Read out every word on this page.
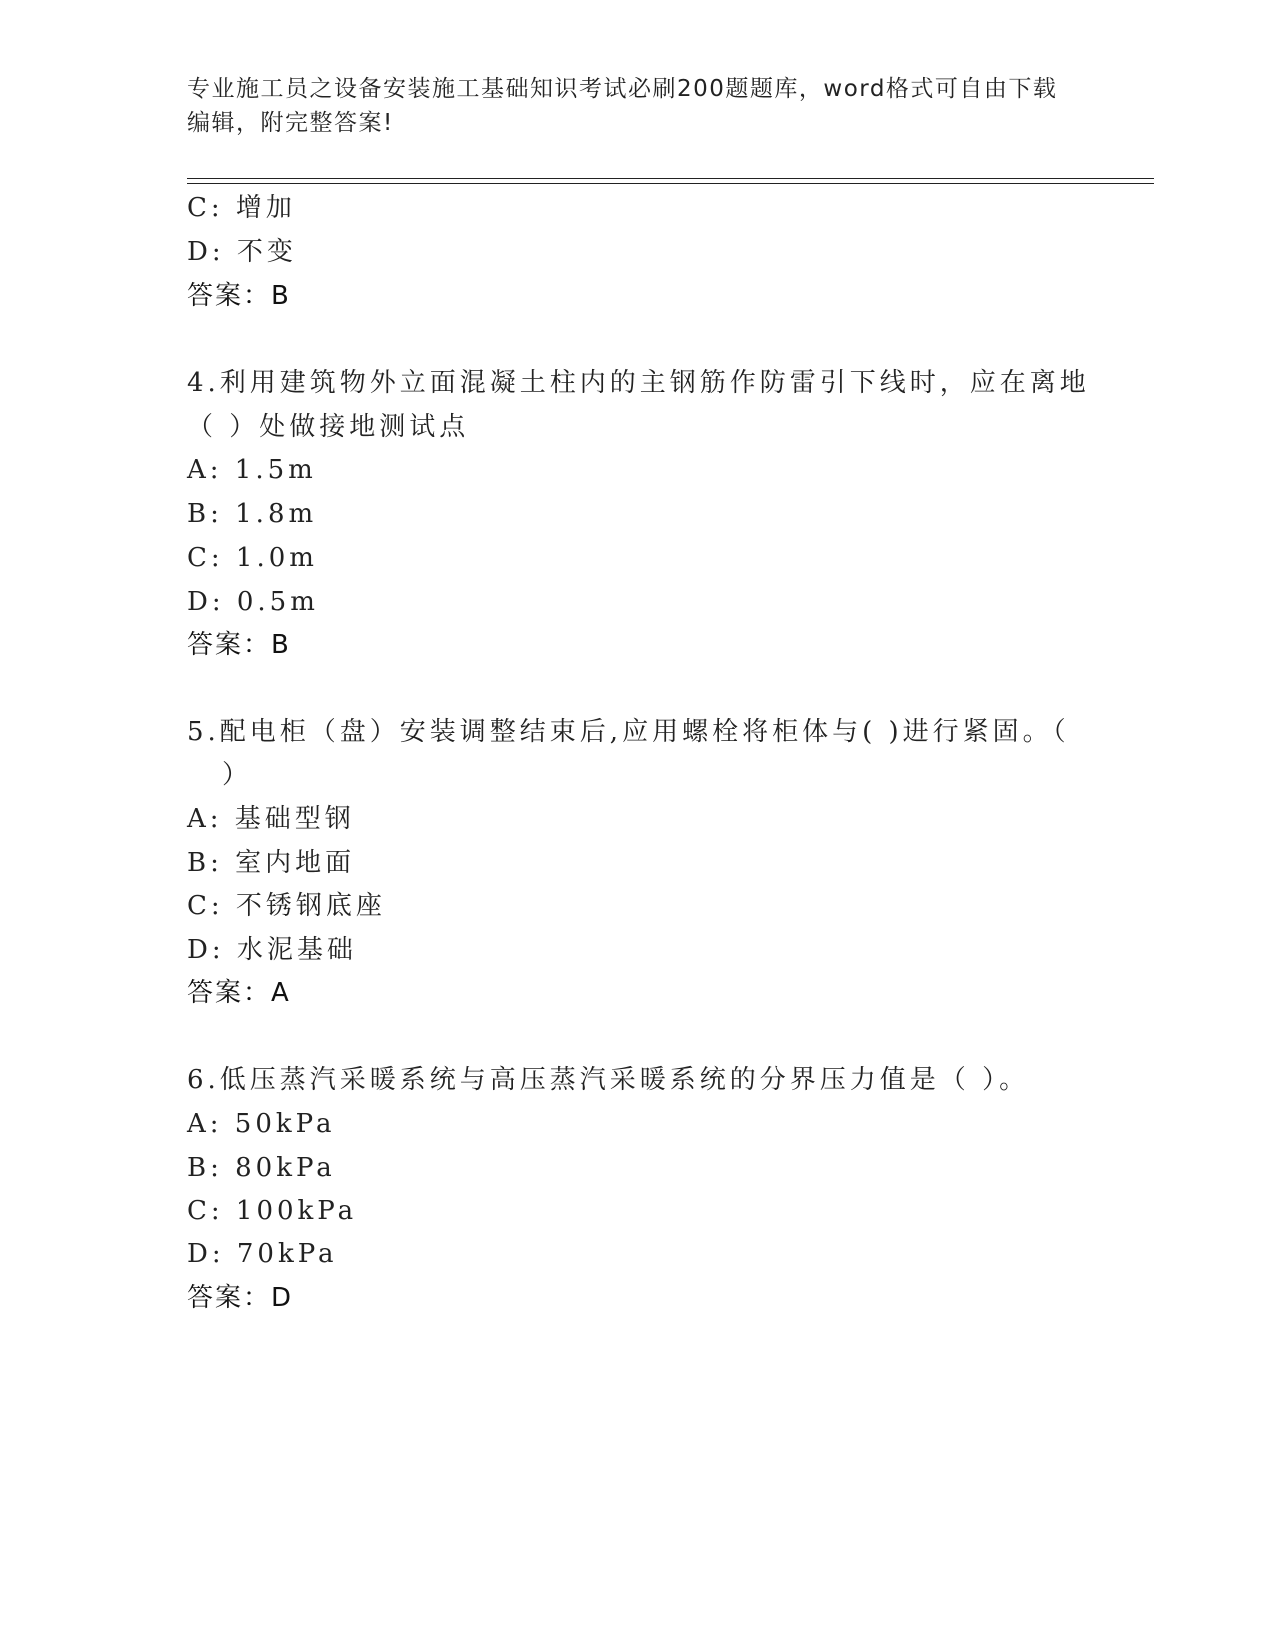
专业施工员之设备安装施工基础知识考试必刷200题题库，word格式可自由下载
编辑，附完整答案!
C: 增加
D: 不变
答案：B
4.利用建筑物外立面混凝土柱内的主钢筋作防雷引下线时，应在离地
（ ）处做接地测试点
A: 1.5m
B: 1.8m
C: 1.0m
D: 0.5m
答案：B
5.配电柜（盘）安装调整结束后,应用螺栓将柜体与( )进行紧固。（
）
A: 基础型钢
B: 室内地面
C: 不锈钢底座
D: 水泥基础
答案：A
6.低压蒸汽采暖系统与高压蒸汽采暖系统的分界压力值是（ ）。
A: 50kPa
B: 80kPa
C: 100kPa
D: 70kPa
答案：D
